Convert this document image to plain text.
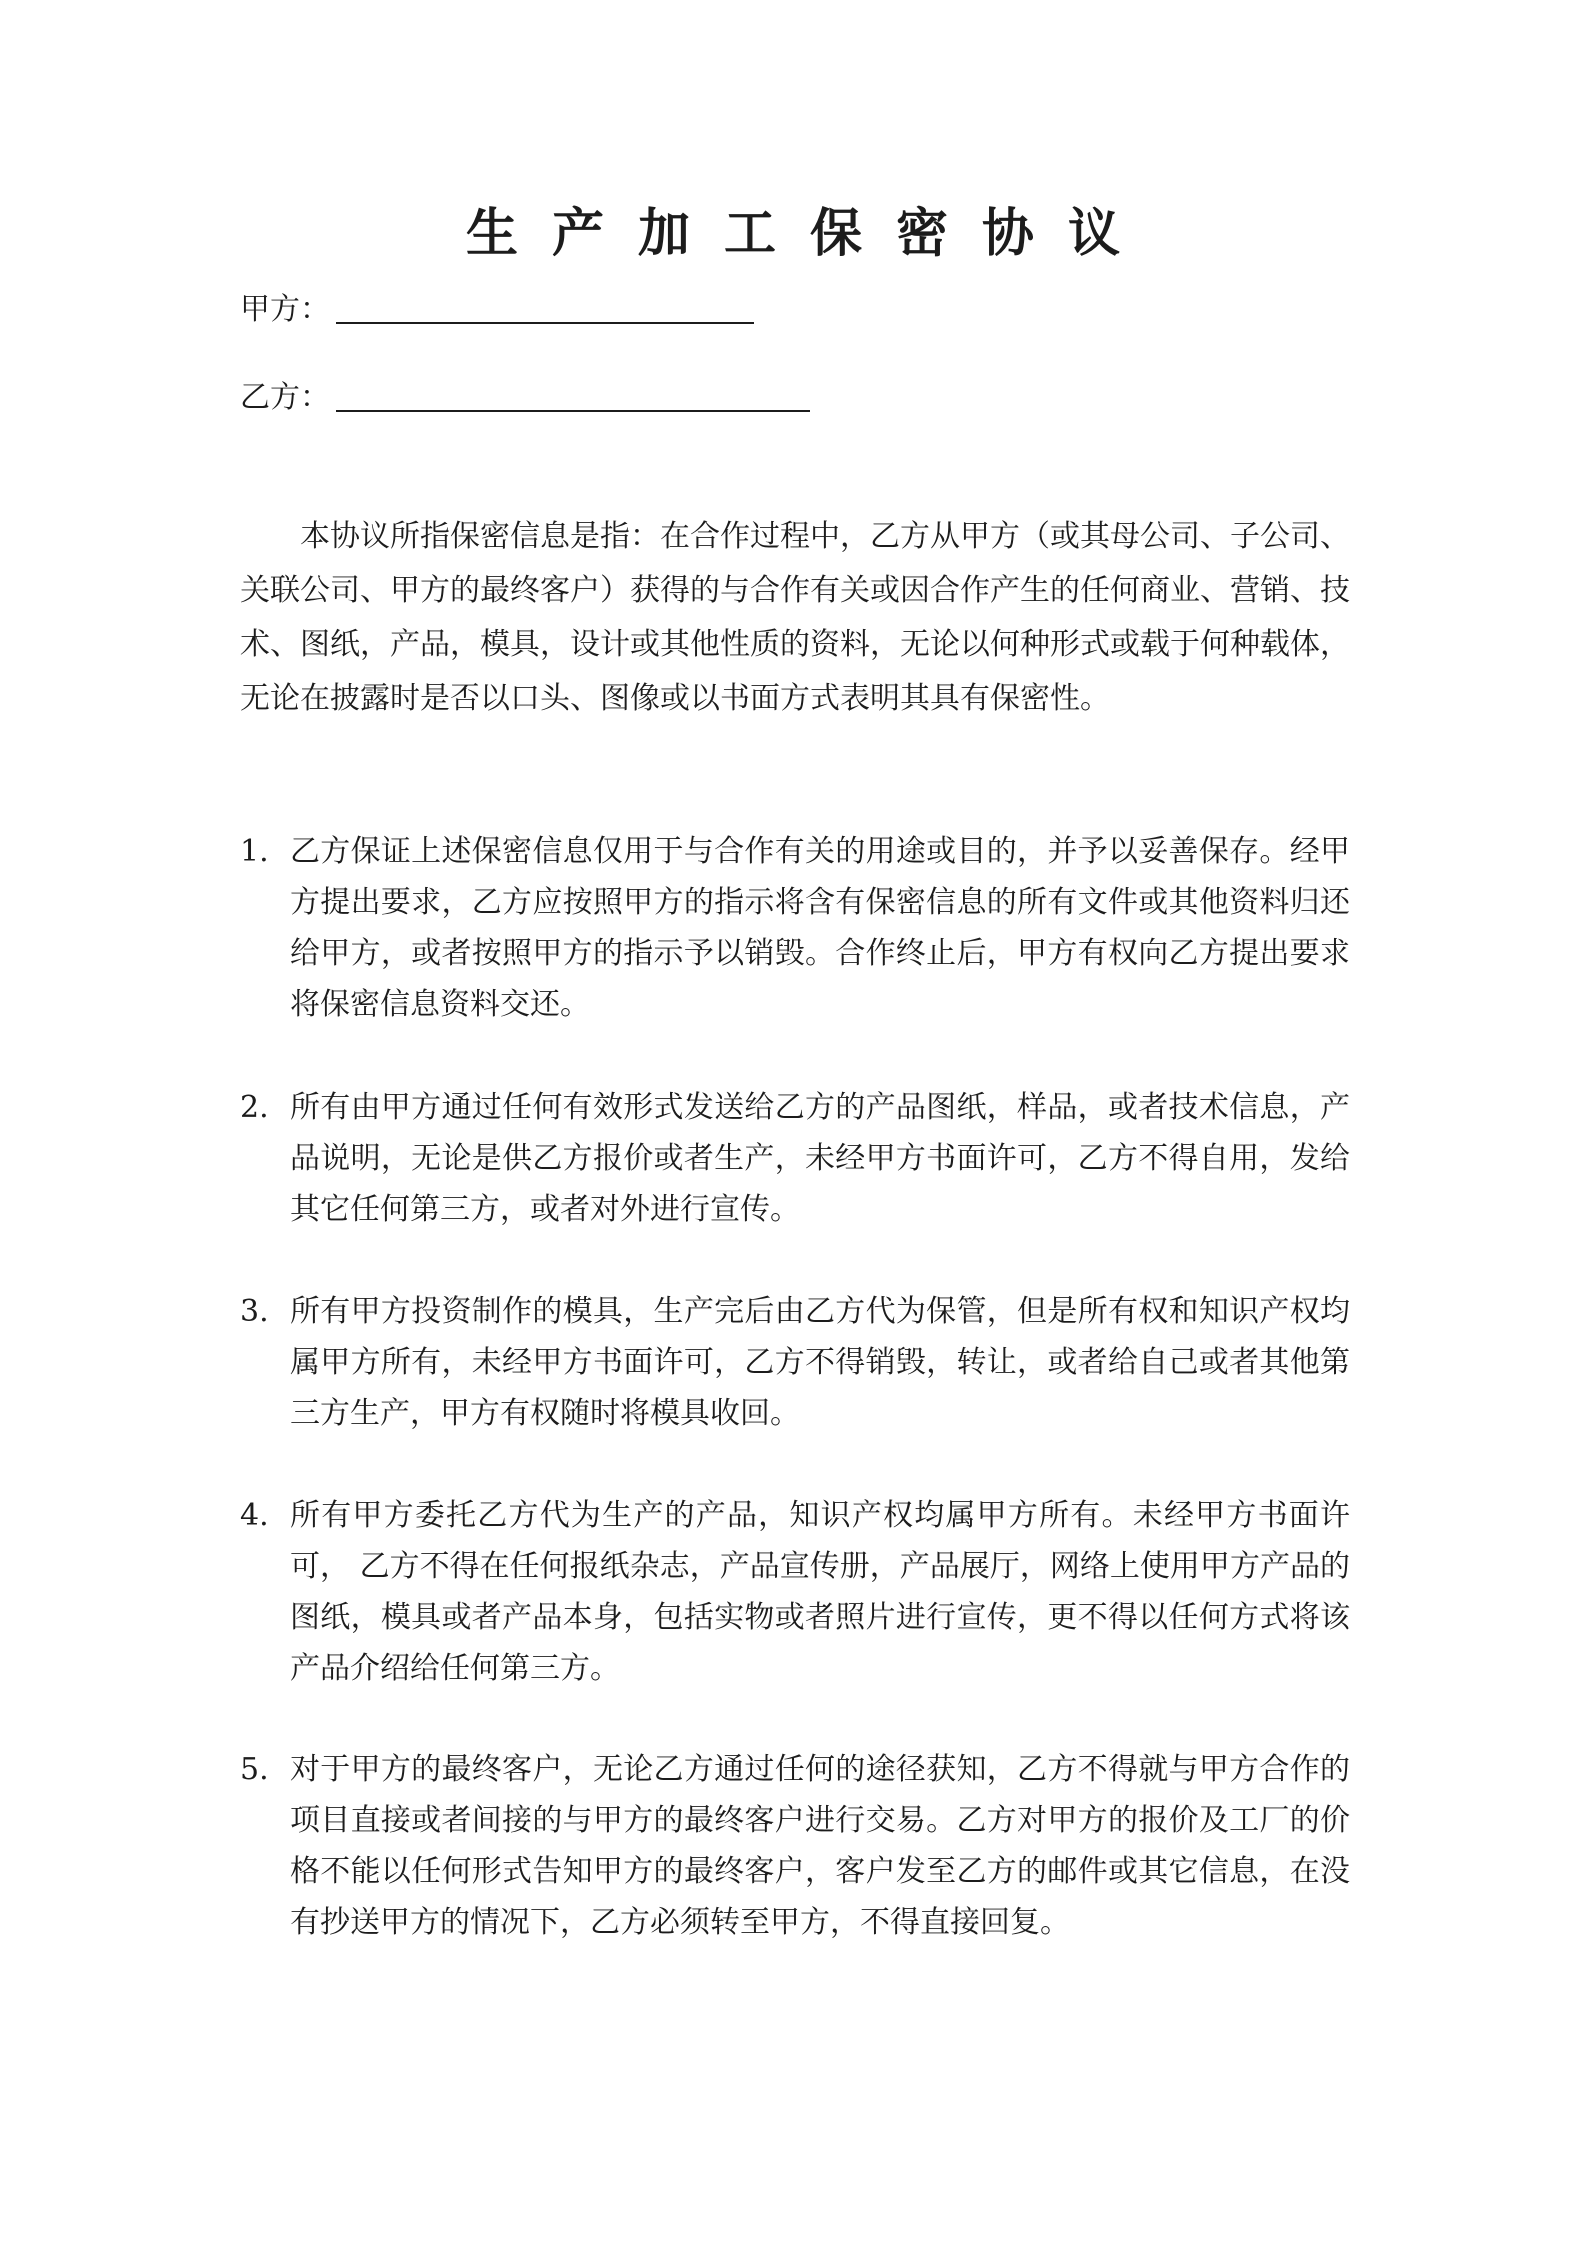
生产加工保密协议
甲方：
乙方：

本协议所指保密信息是指：在合作过程中，乙方从甲方（或其母公司、子公司、关联公司、甲方的最终客户）获得的与合作有关或因合作产生的任何商业、营销、技术、图纸，产品，模具，设计或其他性质的资料，无论以何种形式或载于何种载体，无论在披露时是否以口头、图像或以书面方式表明其具有保密性。

1. 乙方保证上述保密信息仅用于与合作有关的用途或目的，并予以妥善保存。经甲方提出要求，乙方应按照甲方的指示将含有保密信息的所有文件或其他资料归还给甲方，或者按照甲方的指示予以销毁。合作终止后，甲方有权向乙方提出要求将保密信息资料交还。
2. 所有由甲方通过任何有效形式发送给乙方的产品图纸，样品，或者技术信息，产品说明，无论是供乙方报价或者生产，未经甲方书面许可，乙方不得自用，发给其它任何第三方，或者对外进行宣传。
3. 所有甲方投资制作的模具，生产完后由乙方代为保管，但是所有权和知识产权均属甲方所有，未经甲方书面许可，乙方不得销毁，转让，或者给自己或者其他第三方生产，甲方有权随时将模具收回。
4. 所有甲方委托乙方代为生产的产品，知识产权均属甲方所有。未经甲方书面许可， 乙方不得在任何报纸杂志，产品宣传册，产品展厅，网络上使用甲方产品的图纸，模具或者产品本身，包括实物或者照片进行宣传，更不得以任何方式将该产品介绍给任何第三方。
5. 对于甲方的最终客户，无论乙方通过任何的途径获知，乙方不得就与甲方合作的项目直接或者间接的与甲方的最终客户进行交易。乙方对甲方的报价及工厂的价格不能以任何形式告知甲方的最终客户，客户发至乙方的邮件或其它信息，在没有抄送甲方的情况下，乙方必须转至甲方，不得直接回复。
